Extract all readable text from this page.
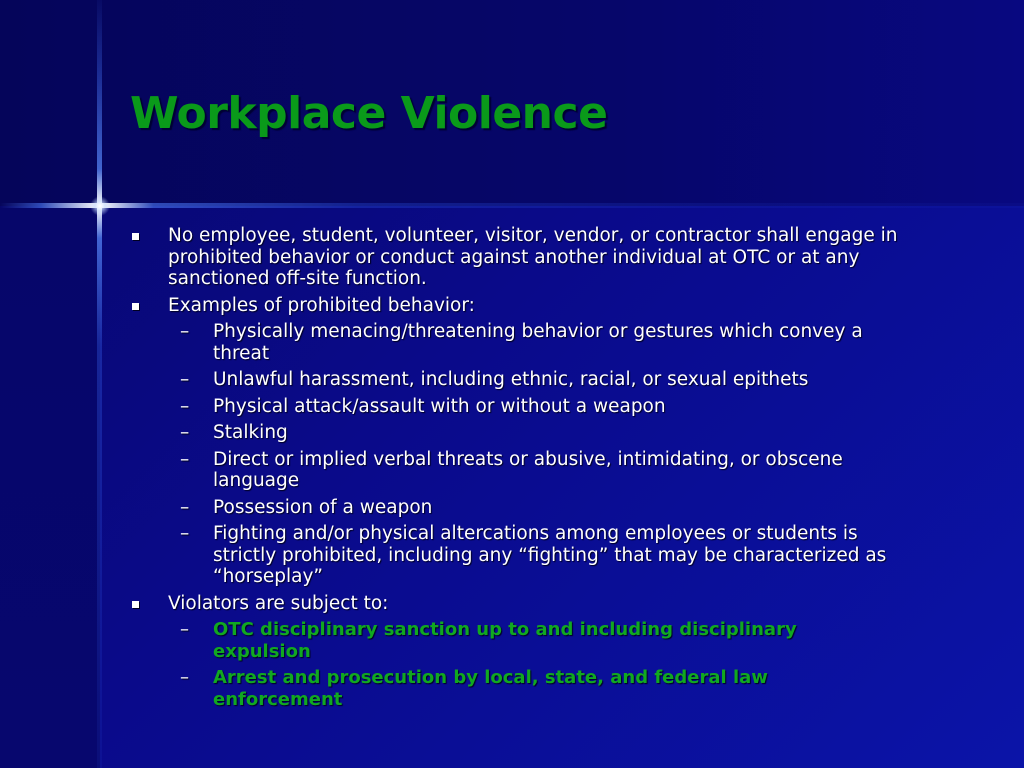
Workplace Violence
No employee, student, volunteer, visitor, vendor, or contractor shall engage in prohibited behavior or conduct against another individual at OTC or at any sanctioned off-site function.
Examples of prohibited behavior:
–	Physically menacing/threatening behavior or gestures which convey a threat
–	Unlawful harassment, including ethnic, racial, or sexual epithets
–	Physical attack/assault with or without a weapon
–	Stalking
–	Direct or implied verbal threats or abusive, intimidating, or obscene language
–	Possession of a weapon
–	Fighting and/or physical altercations among employees or students is strictly prohibited, including any “fighting” that may be characterized as “horseplay”
Violators are subject to:
–	OTC disciplinary sanction up to and including disciplinary expulsion
–	Arrest and prosecution by local, state, and federal law enforcement
